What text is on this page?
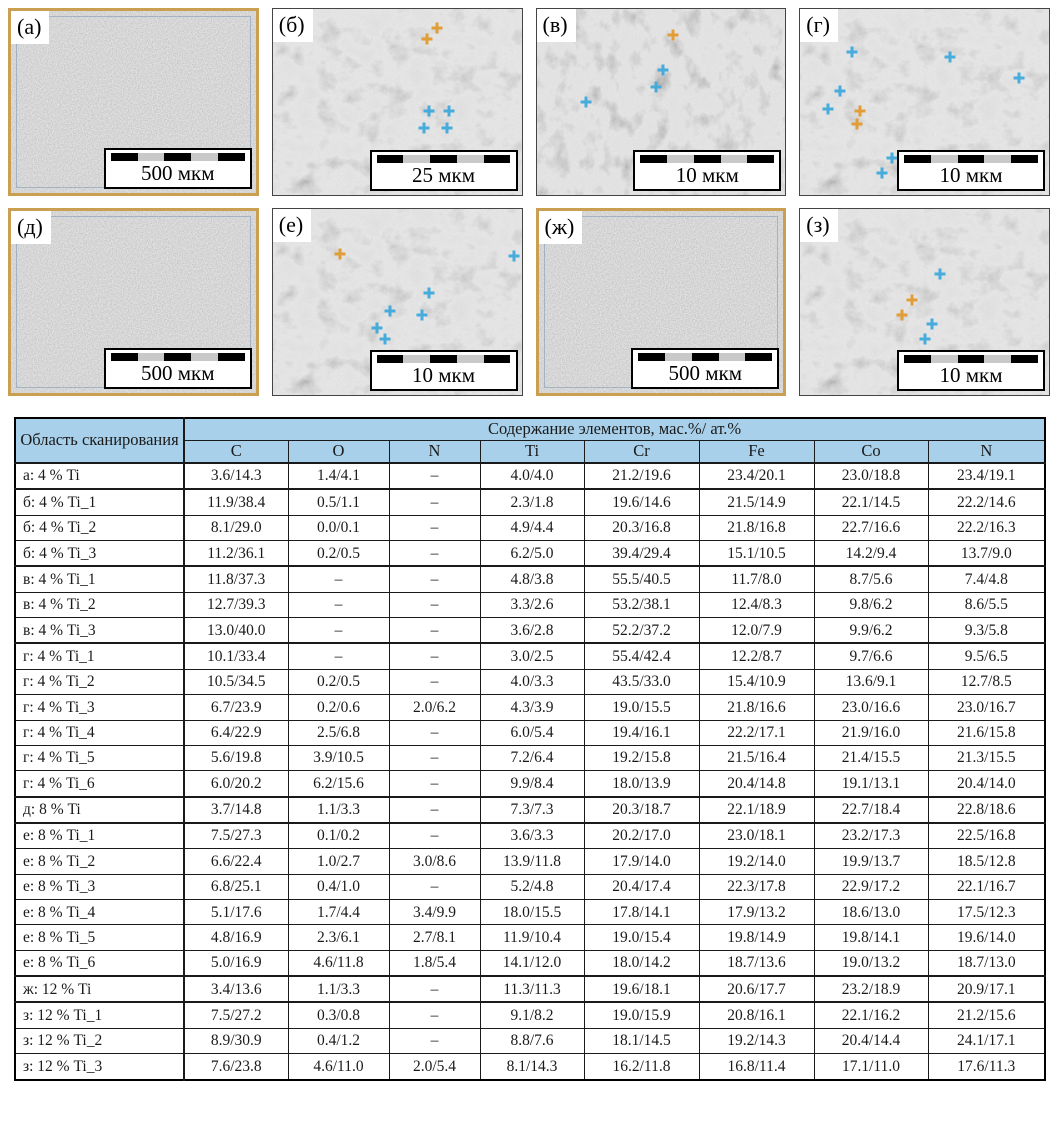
(а)
500 мкм
(б)
25 мкм
(в)
10 мкм
(г)
10 мкм
(д)
500 мкм
(е)
10 мкм
(ж)
500 мкм
(з)
10 мкм
Область сканирования	Содержание элементов, мас.%/ ат.%							
	C	O	N	Ti	Cr	Fe	Co	N
а: 4 % Ti	3.6/14.3	1.4/4.1	–	4.0/4.0	21.2/19.6	23.4/20.1	23.0/18.8	23.4/19.1
б: 4 % Ti_1	11.9/38.4	0.5/1.1	–	2.3/1.8	19.6/14.6	21.5/14.9	22.1/14.5	22.2/14.6
б: 4 % Ti_2	8.1/29.0	0.0/0.1	–	4.9/4.4	20.3/16.8	21.8/16.8	22.7/16.6	22.2/16.3
б: 4 % Ti_3	11.2/36.1	0.2/0.5	–	6.2/5.0	39.4/29.4	15.1/10.5	14.2/9.4	13.7/9.0
в: 4 % Ti_1	11.8/37.3	–	–	4.8/3.8	55.5/40.5	11.7/8.0	8.7/5.6	7.4/4.8
в: 4 % Ti_2	12.7/39.3	–	–	3.3/2.6	53.2/38.1	12.4/8.3	9.8/6.2	8.6/5.5
в: 4 % Ti_3	13.0/40.0	–	–	3.6/2.8	52.2/37.2	12.0/7.9	9.9/6.2	9.3/5.8
г: 4 % Ti_1	10.1/33.4	–	–	3.0/2.5	55.4/42.4	12.2/8.7	9.7/6.6	9.5/6.5
г: 4 % Ti_2	10.5/34.5	0.2/0.5	–	4.0/3.3	43.5/33.0	15.4/10.9	13.6/9.1	12.7/8.5
г: 4 % Ti_3	6.7/23.9	0.2/0.6	2.0/6.2	4.3/3.9	19.0/15.5	21.8/16.6	23.0/16.6	23.0/16.7
г: 4 % Ti_4	6.4/22.9	2.5/6.8	–	6.0/5.4	19.4/16.1	22.2/17.1	21.9/16.0	21.6/15.8
г: 4 % Ti_5	5.6/19.8	3.9/10.5	–	7.2/6.4	19.2/15.8	21.5/16.4	21.4/15.5	21.3/15.5
г: 4 % Ti_6	6.0/20.2	6.2/15.6	–	9.9/8.4	18.0/13.9	20.4/14.8	19.1/13.1	20.4/14.0
д: 8 % Ti	3.7/14.8	1.1/3.3	–	7.3/7.3	20.3/18.7	22.1/18.9	22.7/18.4	22.8/18.6
е: 8 % Ti_1	7.5/27.3	0.1/0.2	–	3.6/3.3	20.2/17.0	23.0/18.1	23.2/17.3	22.5/16.8
е: 8 % Ti_2	6.6/22.4	1.0/2.7	3.0/8.6	13.9/11.8	17.9/14.0	19.2/14.0	19.9/13.7	18.5/12.8
е: 8 % Ti_3	6.8/25.1	0.4/1.0	–	5.2/4.8	20.4/17.4	22.3/17.8	22.9/17.2	22.1/16.7
е: 8 % Ti_4	5.1/17.6	1.7/4.4	3.4/9.9	18.0/15.5	17.8/14.1	17.9/13.2	18.6/13.0	17.5/12.3
е: 8 % Ti_5	4.8/16.9	2.3/6.1	2.7/8.1	11.9/10.4	19.0/15.4	19.8/14.9	19.8/14.1	19.6/14.0
е: 8 % Ti_6	5.0/16.9	4.6/11.8	1.8/5.4	14.1/12.0	18.0/14.2	18.7/13.6	19.0/13.2	18.7/13.0
ж: 12 % Ti	3.4/13.6	1.1/3.3	–	11.3/11.3	19.6/18.1	20.6/17.7	23.2/18.9	20.9/17.1
з: 12 % Ti_1	7.5/27.2	0.3/0.8	–	9.1/8.2	19.0/15.9	20.8/16.1	22.1/16.2	21.2/15.6
з: 12 % Ti_2	8.9/30.9	0.4/1.2	–	8.8/7.6	18.1/14.5	19.2/14.3	20.4/14.4	24.1/17.1
з: 12 % Ti_3	7.6/23.8	4.6/11.0	2.0/5.4	8.1/14.3	16.2/11.8	16.8/11.4	17.1/11.0	17.6/11.3
